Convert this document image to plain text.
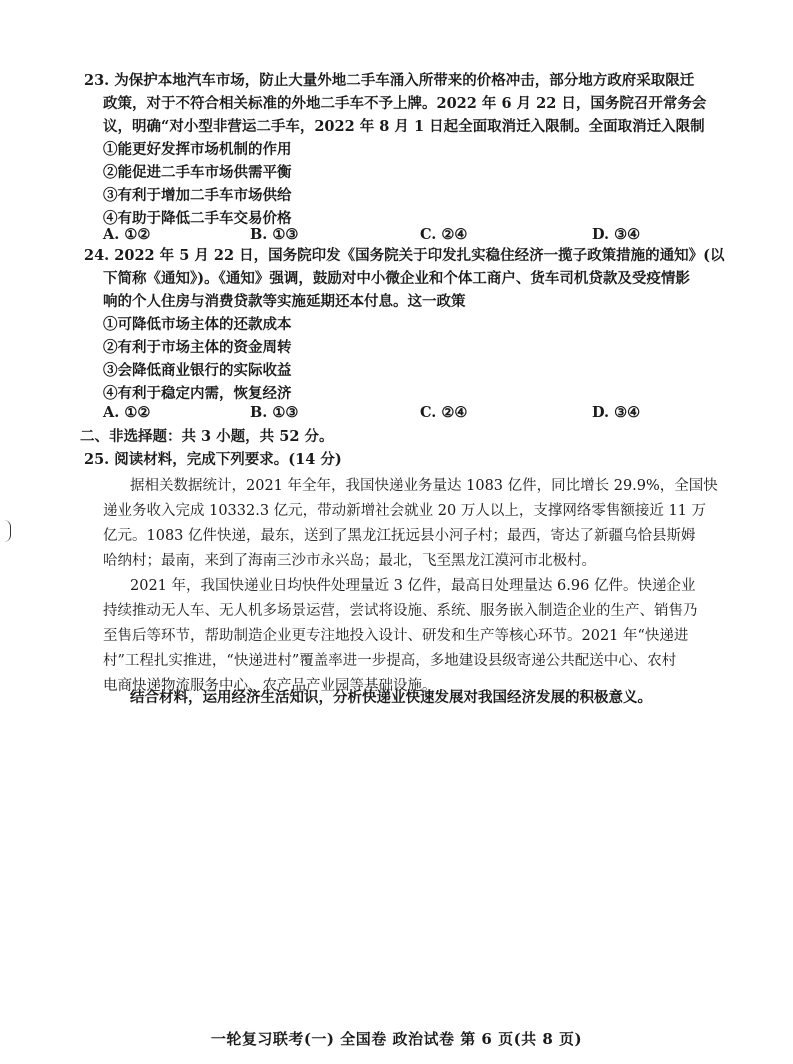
23. 为保护本地汽车市场，防止大量外地二手车涌入所带来的价格冲击，部分地方政府采取限迁
政策，对于不符合相关标准的外地二手车不予上牌。2022 年 6 月 22 日，国务院召开常务会
议，明确“对小型非营运二手车，2022 年 8 月 1 日起全面取消迁入限制。全面取消迁入限制
①能更好发挥市场机制的作用
②能促进二手车市场供需平衡
③有利于增加二手车市场供给
④有助于降低二手车交易价格
A. ①②	B. ①③	C. ②④	D. ③④
24. 2022 年 5 月 22 日，国务院印发《国务院关于印发扎实稳住经济一揽子政策措施的通知》(以
下简称《通知》)。《通知》强调，鼓励对中小微企业和个体工商户、货车司机贷款及受疫情影
响的个人住房与消费贷款等实施延期还本付息。这一政策
①可降低市场主体的还款成本
②有利于市场主体的资金周转
③会降低商业银行的实际收益
④有利于稳定内需，恢复经济
A. ①②	B. ①③	C. ②④	D. ③④
二、非选择题：共 3 小题，共 52 分。
25. 阅读材料，完成下列要求。(14 分)
据相关数据统计，2021 年全年，我国快递业务量达 1083 亿件，同比增长 29.9%，全国快
递业务收入完成 10332.3 亿元，带动新增社会就业 20 万人以上，支撑网络零售额接近 11 万
亿元。1083 亿件快递，最东，送到了黑龙江抚远县小河子村；最西，寄达了新疆乌恰县斯姆
哈纳村；最南，来到了海南三沙市永兴岛；最北，飞至黑龙江漠河市北极村。
2021 年，我国快递业日均快件处理量近 3 亿件，最高日处理量达 6.96 亿件。快递企业
持续推动无人车、无人机多场景运营，尝试将设施、系统、服务嵌入制造企业的生产、销售乃
至售后等环节，帮助制造企业更专注地投入设计、研发和生产等核心环节。2021 年“快递进
村”工程扎实推进，“快递进村”覆盖率进一步提高，多地建设县级寄递公共配送中心、农村
电商快递物流服务中心、农产品产业园等基础设施。
结合材料，运用经济生活知识，分析快递业快速发展对我国经济发展的积极意义。
一轮复习联考(一) 全国卷 政治试卷 第 6 页(共 8 页)
